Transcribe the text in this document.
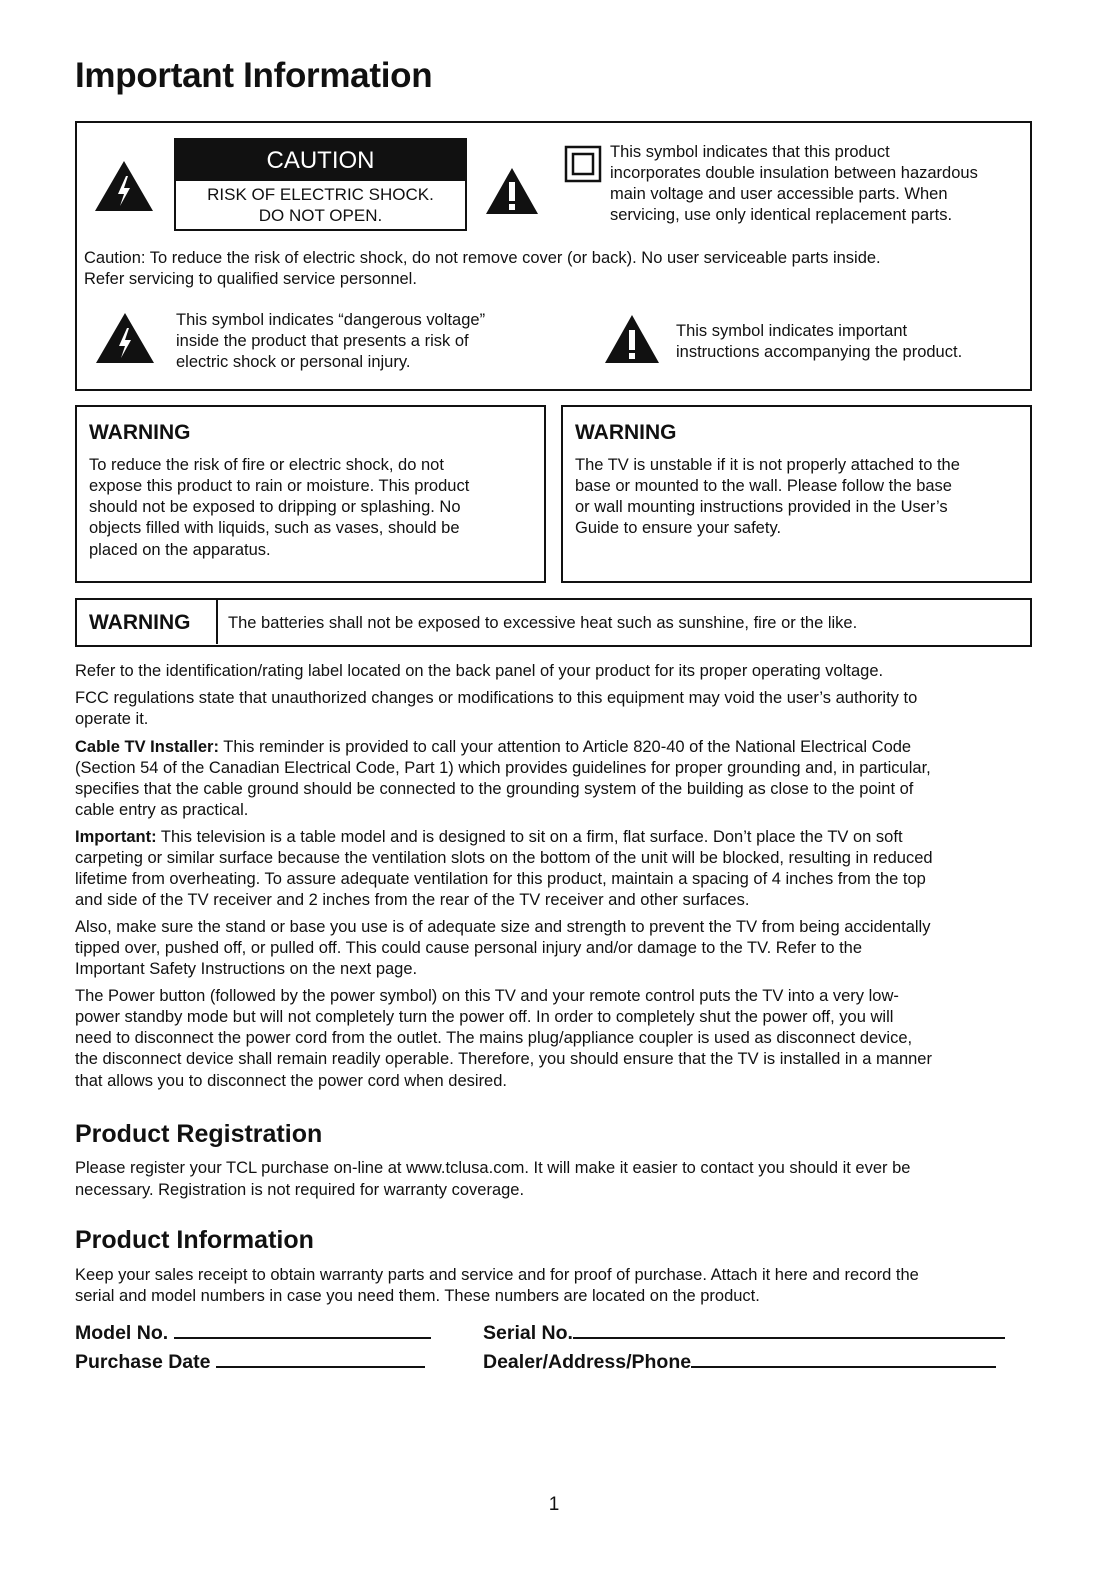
Important Information
CAUTION
RISK OF ELECTRIC SHOCK.
DO NOT OPEN.
This symbol indicates that this product
incorporates double insulation between hazardous
main voltage and user accessible parts. When
servicing, use only identical replacement parts.
Caution: To reduce the risk of electric shock, do not remove cover (or back). No user serviceable parts inside.
Refer servicing to qualified service personnel.
This symbol indicates “dangerous voltage”
inside the product that presents a risk of
electric shock or personal injury.
This symbol indicates important
instructions accompanying the product.
WARNING
To reduce the risk of fire or electric shock, do not
expose this product to rain or moisture. This product
should not be exposed to dripping or splashing. No
objects filled with liquids, such as vases, should be
placed on the apparatus.
WARNING
The TV is unstable if it is not properly attached to the
base or mounted to the wall. Please follow the base
or wall mounting instructions provided in the User’s
Guide to ensure your safety.
WARNING The batteries shall not be exposed to excessive heat such as sunshine, fire or the like.
Refer to the identification/rating label located on the back panel of your product for its proper operating voltage.
FCC regulations state that unauthorized changes or modifications to this equipment may void the user’s authority to
operate it.
Cable TV Installer: This reminder is provided to call your attention to Article 820-40 of the National Electrical Code
(Section 54 of the Canadian Electrical Code, Part 1) which provides guidelines for proper grounding and, in particular,
specifies that the cable ground should be connected to the grounding system of the building as close to the point of
cable entry as practical.
Important: This television is a table model and is designed to sit on a firm, flat surface. Don’t place the TV on soft
carpeting or similar surface because the ventilation slots on the bottom of the unit will be blocked, resulting in reduced
lifetime from overheating. To assure adequate ventilation for this product, maintain a spacing of 4 inches from the top
and side of the TV receiver and 2 inches from the rear of the TV receiver and other surfaces.
Also, make sure the stand or base you use is of adequate size and strength to prevent the TV from being accidentally
tipped over, pushed off, or pulled off. This could cause personal injury and/or damage to the TV. Refer to the
Important Safety Instructions on the next page.
The Power button (followed by the power symbol) on this TV and your remote control puts the TV into a very low-
power standby mode but will not completely turn the power off. In order to completely shut the power off, you will
need to disconnect the power cord from the outlet. The mains plug/appliance coupler is used as disconnect device,
the disconnect device shall remain readily operable. Therefore, you should ensure that the TV is installed in a manner
that allows you to disconnect the power cord when desired.
Product Registration
Please register your TCL purchase on-line at www.tclusa.com. It will make it easier to contact you should it ever be
necessary. Registration is not required for warranty coverage.
Product Information
Keep your sales receipt to obtain warranty parts and service and for proof of purchase. Attach it here and record the
serial and model numbers in case you need them. These numbers are located on the product.
Model No.	Serial No.
Purchase Date	Dealer/Address/Phone
1
